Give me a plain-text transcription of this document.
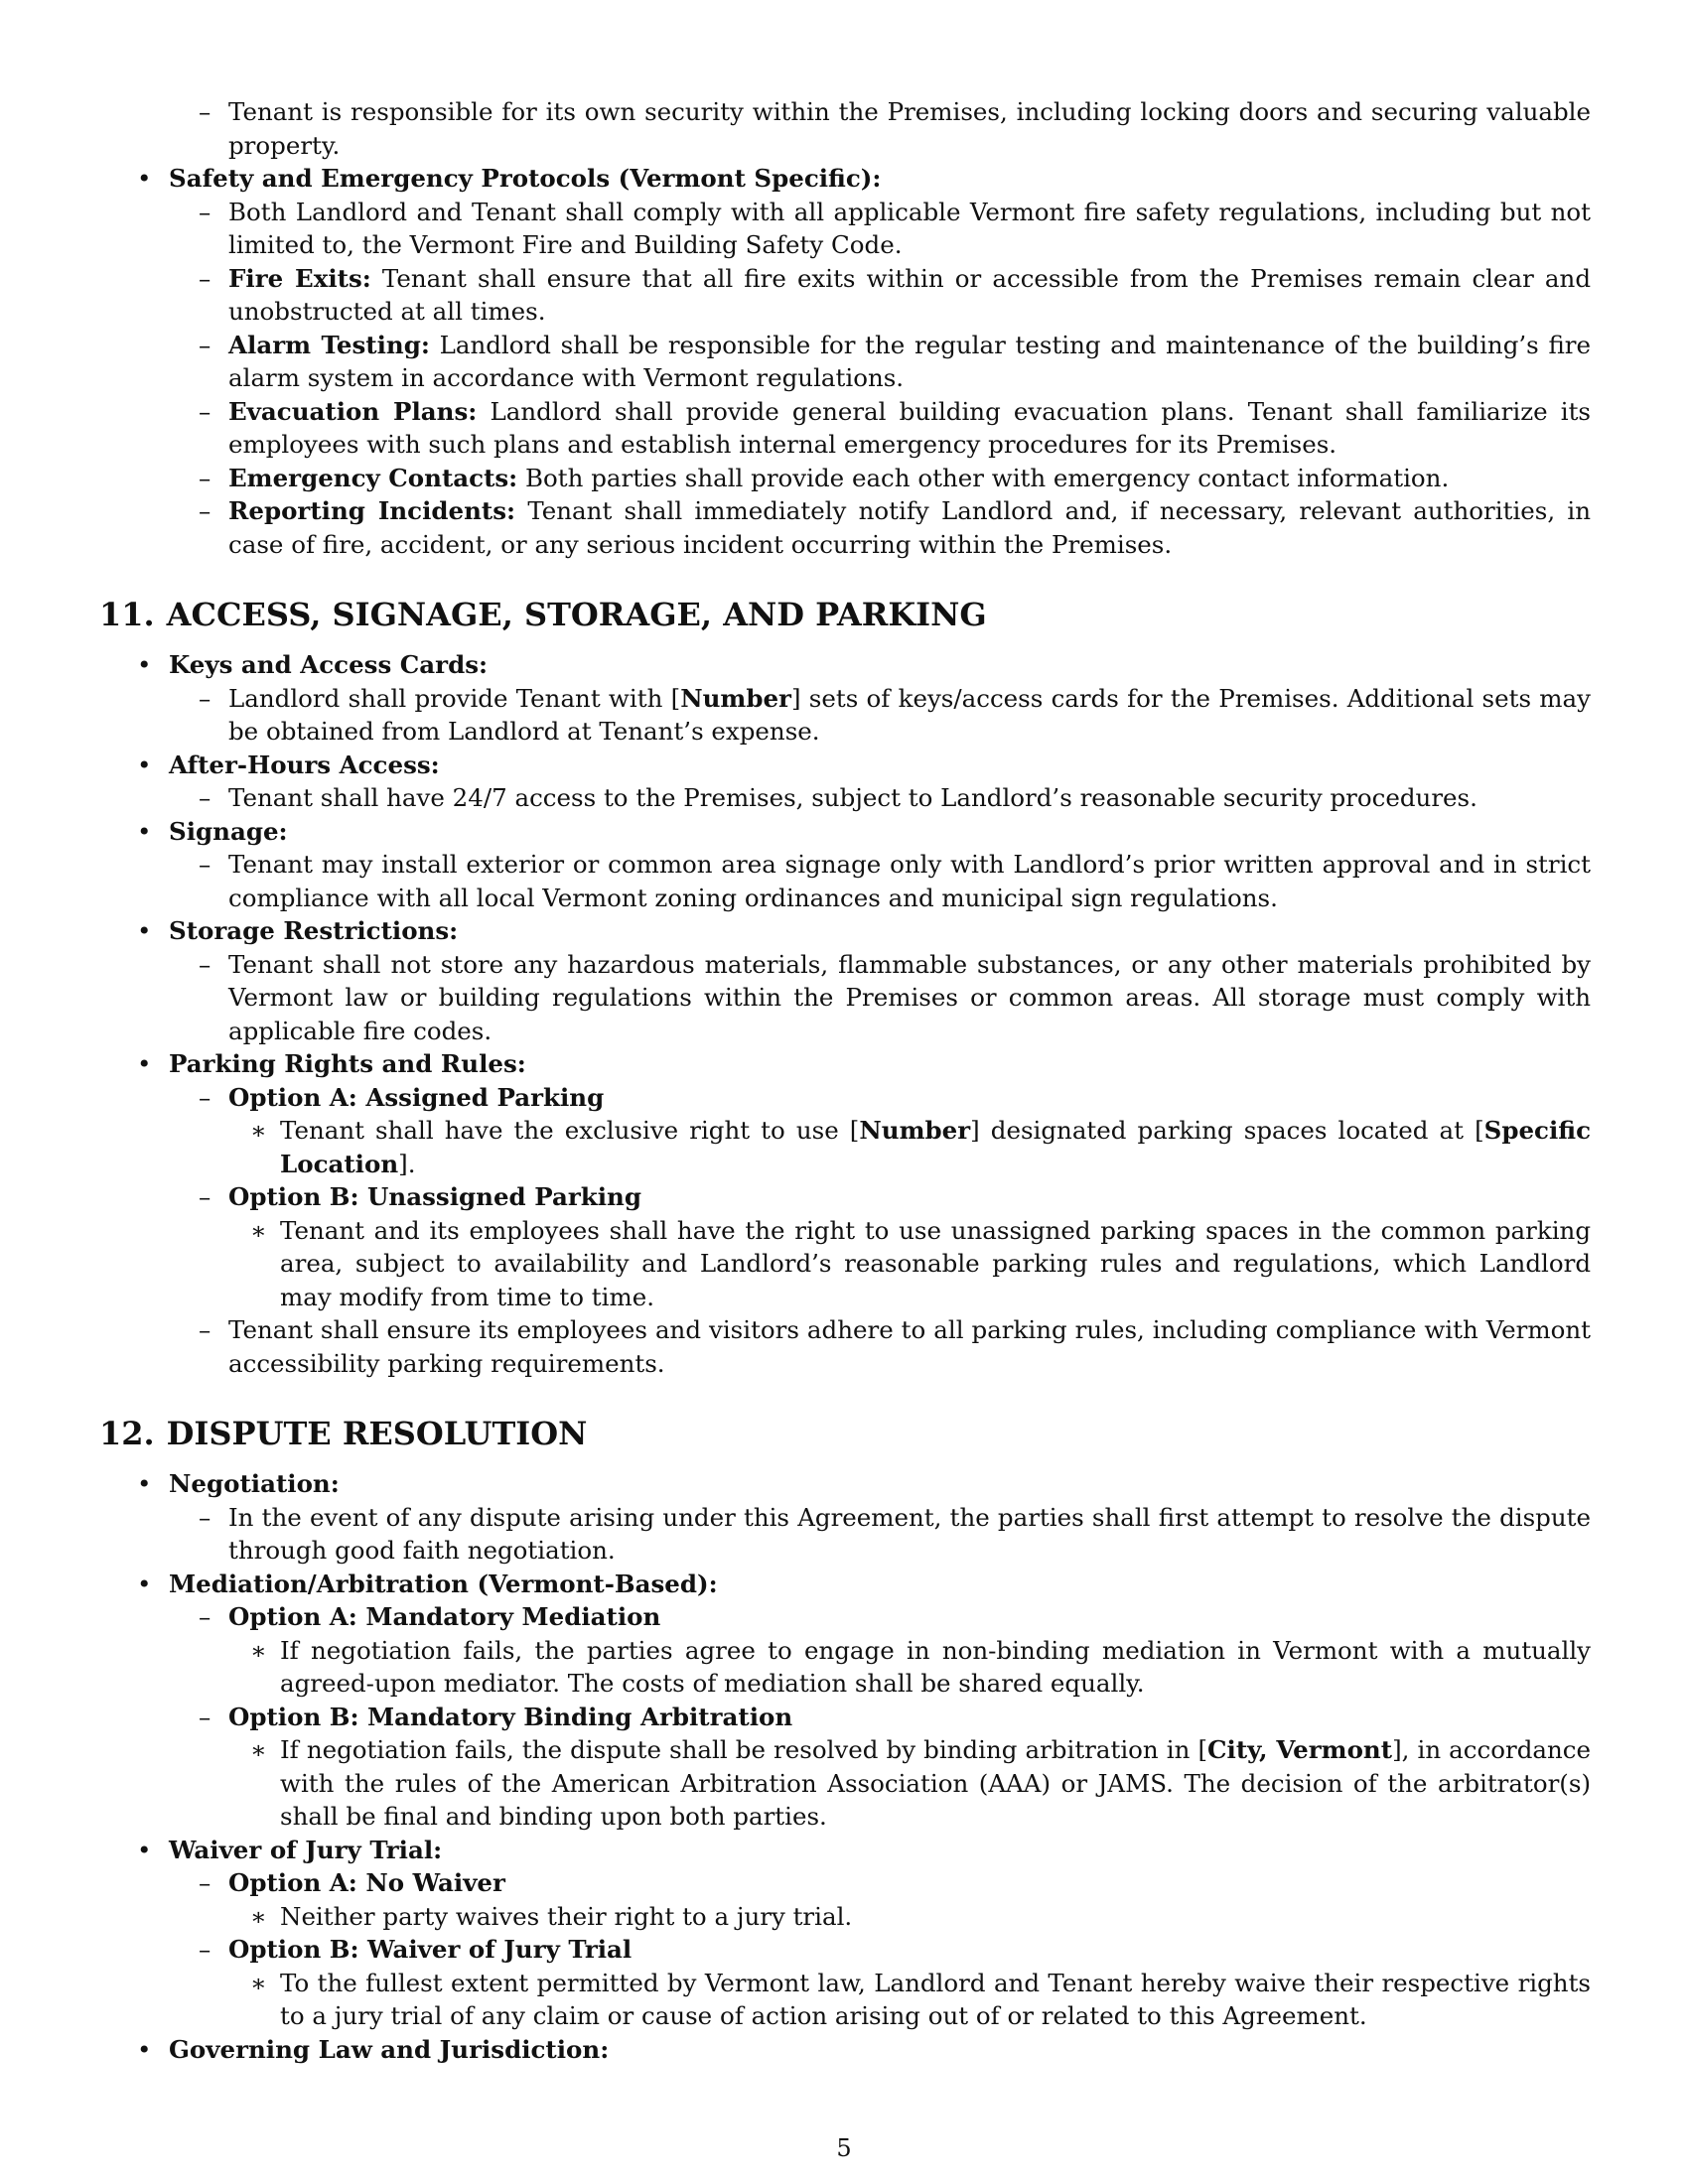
– Tenant is responsible for its own security within the Premises, including locking doors and securing valuable property.
• Safety and Emergency Protocols (Vermont Specific):
– Both Landlord and Tenant shall comply with all applicable Vermont fire safety regulations, including but not limited to, the Vermont Fire and Building Safety Code.
– Fire Exits: Tenant shall ensure that all fire exits within or accessible from the Premises remain clear and unobstructed at all times.
– Alarm Testing: Landlord shall be responsible for the regular testing and maintenance of the building’s fire alarm system in accordance with Vermont regulations.
– Evacuation Plans: Landlord shall provide general building evacuation plans. Tenant shall familiarize its employees with such plans and establish internal emergency procedures for its Premises.
– Emergency Contacts: Both parties shall provide each other with emergency contact information.
– Reporting Incidents: Tenant shall immediately notify Landlord and, if necessary, relevant authorities, in case of fire, accident, or any serious incident occurring within the Premises.
11. ACCESS, SIGNAGE, STORAGE, AND PARKING
• Keys and Access Cards:
– Landlord shall provide Tenant with [Number] sets of keys/access cards for the Premises. Additional sets may be obtained from Landlord at Tenant’s expense.
• After-Hours Access:
– Tenant shall have 24/7 access to the Premises, subject to Landlord’s reasonable security procedures.
• Signage:
– Tenant may install exterior or common area signage only with Landlord’s prior written approval and in strict compliance with all local Vermont zoning ordinances and municipal sign regulations.
• Storage Restrictions:
– Tenant shall not store any hazardous materials, flammable substances, or any other materials prohibited by Vermont law or building regulations within the Premises or common areas. All storage must comply with applicable fire codes.
• Parking Rights and Rules:
– Option A: Assigned Parking
∗ Tenant shall have the exclusive right to use [Number] designated parking spaces located at [Specific Location].
– Option B: Unassigned Parking
∗ Tenant and its employees shall have the right to use unassigned parking spaces in the common parking area, subject to availability and Landlord’s reasonable parking rules and regulations, which Landlord may modify from time to time.
– Tenant shall ensure its employees and visitors adhere to all parking rules, including compliance with Vermont accessibility parking requirements.
12. DISPUTE RESOLUTION
• Negotiation:
– In the event of any dispute arising under this Agreement, the parties shall first attempt to resolve the dispute through good faith negotiation.
• Mediation/Arbitration (Vermont-Based):
– Option A: Mandatory Mediation
∗ If negotiation fails, the parties agree to engage in non-binding mediation in Vermont with a mutually agreed-upon mediator. The costs of mediation shall be shared equally.
– Option B: Mandatory Binding Arbitration
∗ If negotiation fails, the dispute shall be resolved by binding arbitration in [City, Vermont], in accordance with the rules of the American Arbitration Association (AAA) or JAMS. The decision of the arbitrator(s) shall be final and binding upon both parties.
• Waiver of Jury Trial:
– Option A: No Waiver
∗ Neither party waives their right to a jury trial.
– Option B: Waiver of Jury Trial
∗ To the fullest extent permitted by Vermont law, Landlord and Tenant hereby waive their respective rights to a jury trial of any claim or cause of action arising out of or related to this Agreement.
• Governing Law and Jurisdiction:
5
